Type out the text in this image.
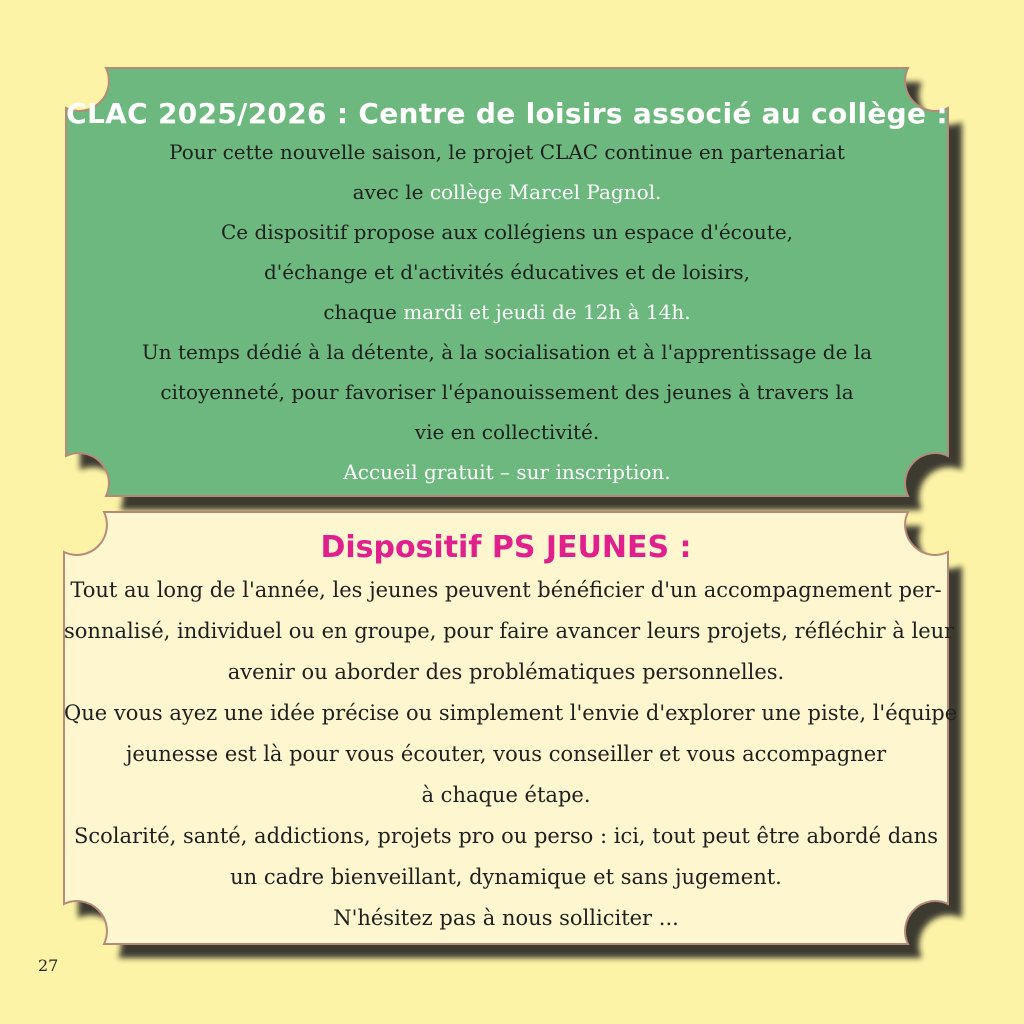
CLAC 2025/2026 : Centre de loisirs associé au collège :
Pour cette nouvelle saison, le projet CLAC continue en partenariat
avec le collège Marcel Pagnol.
Ce dispositif propose aux collégiens un espace d'écoute,
d'échange et d'activités éducatives et de loisirs,
chaque mardi et jeudi de 12h à 14h.
Un temps dédié à la détente, à la socialisation et à l'apprentissage de la
citoyenneté, pour favoriser l'épanouissement des jeunes à travers la
vie en collectivité.
Accueil gratuit – sur inscription.
Dispositif PS JEUNES :
Tout au long de l'année, les jeunes peuvent bénéficier d'un accompagnement per-
sonnalisé, individuel ou en groupe, pour faire avancer leurs projets, réfléchir à leur
avenir ou aborder des problématiques personnelles.
Que vous ayez une idée précise ou simplement l'envie d'explorer une piste, l'équipe
jeunesse est là pour vous écouter, vous conseiller et vous accompagner
à chaque étape.
Scolarité, santé, addictions, projets pro ou perso : ici, tout peut être abordé dans
un cadre bienveillant, dynamique et sans jugement.
N'hésitez pas à nous solliciter ...
27
